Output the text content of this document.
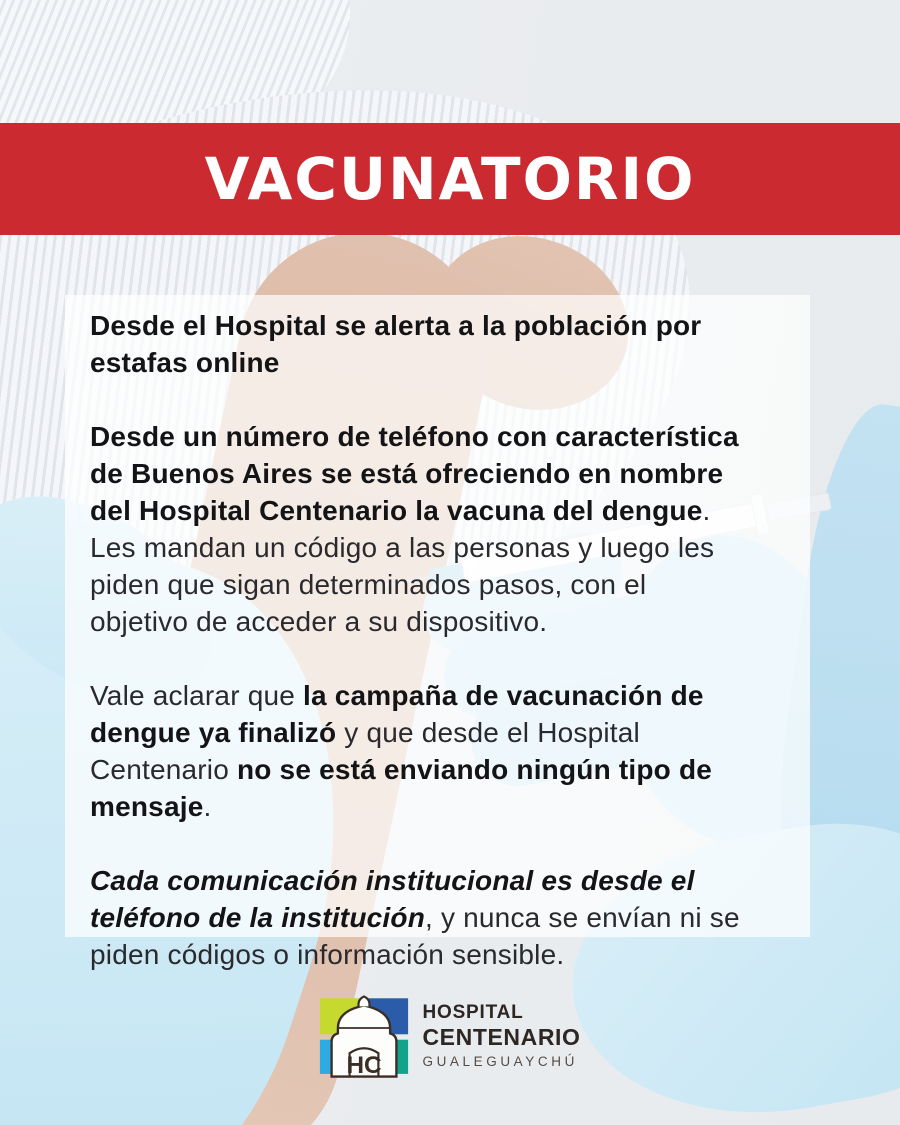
VACUNATORIO

Desde el Hospital se alerta a la población por estafas online

Desde un número de teléfono con característica de Buenos Aires se está ofreciendo en nombre del Hospital Centenario la vacuna del dengue. Les mandan un código a las personas y luego les piden que sigan determinados pasos, con el objetivo de acceder a su dispositivo.

Vale aclarar que la campaña de vacunación de dengue ya finalizó y que desde el Hospital Centenario no se está enviando ningún tipo de mensaje.

Cada comunicación institucional es desde el teléfono de la institución, y nunca se envían ni se piden códigos o información sensible.

HC
HOSPITAL
CENTENARIO
GUALEGUAYCHÚ
